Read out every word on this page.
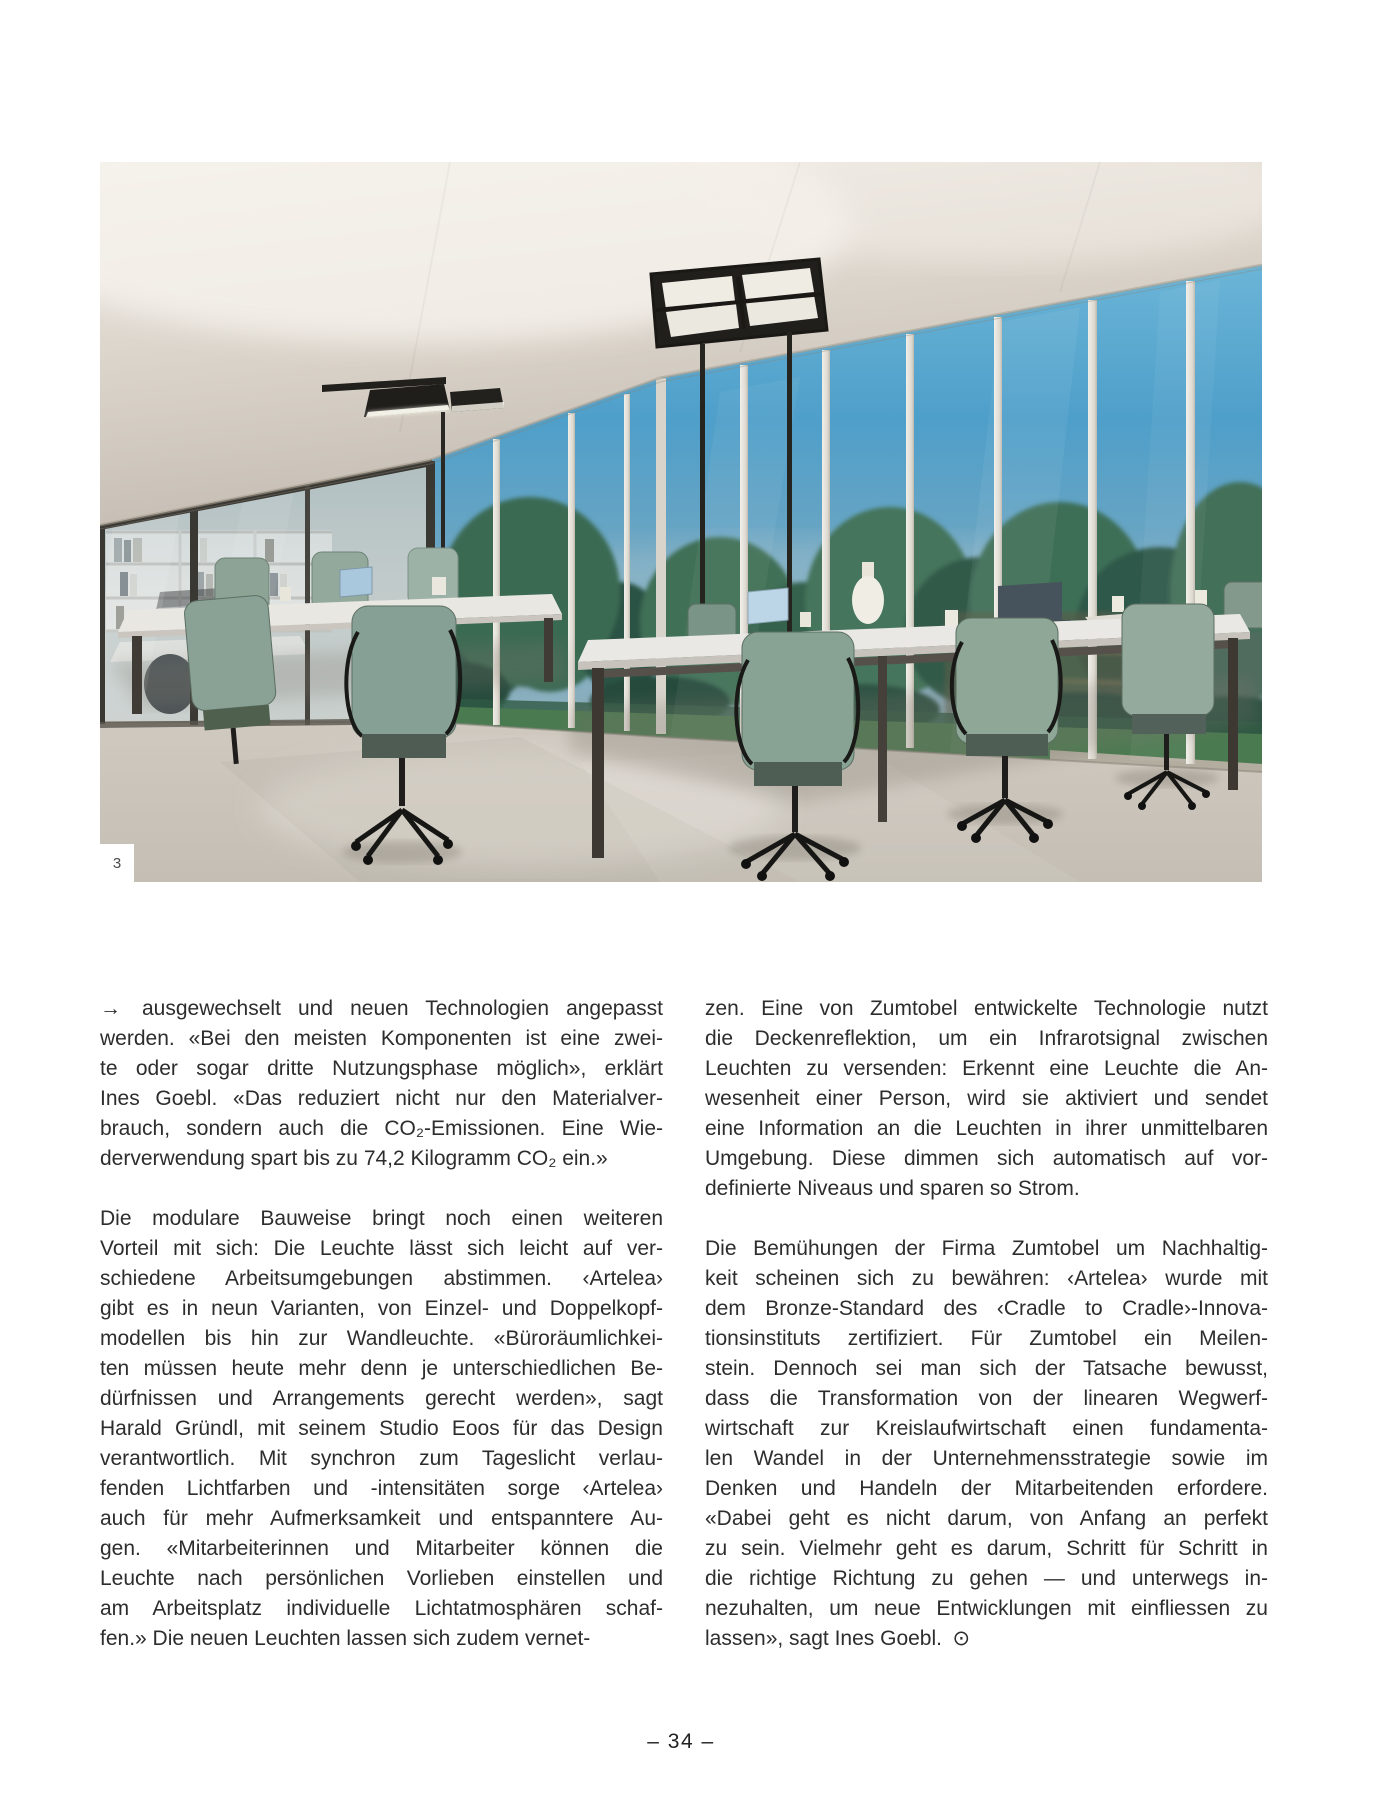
3
→ ausgewechselt und neuen Technologien angepasst
werden. «Bei den meisten Komponenten ist eine zwei-
te oder sogar dritte Nutzungsphase möglich», erklärt
Ines Goebl. «Das reduziert nicht nur den Materialver-
brauch, sondern auch die CO₂-Emissionen. Eine Wie-
derverwendung spart bis zu 74,2 Kilogramm CO₂ ein.»
Die modulare Bauweise bringt noch einen weiteren
Vorteil mit sich: Die Leuchte lässt sich leicht auf ver-
schiedene Arbeitsumgebungen abstimmen. ‹Artelea›
gibt es in neun Varianten, von Einzel- und Doppelkopf-
modellen bis hin zur Wandleuchte. «Büroräumlichkei-
ten müssen heute mehr denn je unterschiedlichen Be-
dürfnissen und Arrangements gerecht werden», sagt
Harald Gründl, mit seinem Studio Eoos für das Design
verantwortlich. Mit synchron zum Tageslicht verlau-
fenden Lichtfarben und -intensitäten sorge ‹Artelea›
auch für mehr Aufmerksamkeit und entspanntere Au-
gen. «Mitarbeiterinnen und Mitarbeiter können die
Leuchte nach persönlichen Vorlieben einstellen und
am Arbeitsplatz individuelle Lichtatmosphären schaf-
fen.» Die neuen Leuchten lassen sich zudem vernet-
zen. Eine von Zumtobel entwickelte Technologie nutzt
die Deckenreflektion, um ein Infrarotsignal zwischen
Leuchten zu versenden: Erkennt eine Leuchte die An-
wesenheit einer Person, wird sie aktiviert und sendet
eine Information an die Leuchten in ihrer unmittelbaren
Umgebung. Diese dimmen sich automatisch auf vor-
definierte Niveaus und sparen so Strom.
Die Bemühungen der Firma Zumtobel um Nachhaltig-
keit scheinen sich zu bewähren: ‹Artelea› wurde mit
dem Bronze-Standard des ‹Cradle to Cradle›-Innova-
tionsinstituts zertifiziert. Für Zumtobel ein Meilen-
stein. Dennoch sei man sich der Tatsache bewusst,
dass die Transformation von der linearen Wegwerf-
wirtschaft zur Kreislaufwirtschaft einen fundamenta-
len Wandel in der Unternehmensstrategie sowie im
Denken und Handeln der Mitarbeitenden erfordere.
«Dabei geht es nicht darum, von Anfang an perfekt
zu sein. Vielmehr geht es darum, Schritt für Schritt in
die richtige Richtung zu gehen — und unterwegs in-
nezuhalten, um neue Entwicklungen mit einfliessen zu
lassen», sagt Ines Goebl. ⊙
– 34 –
